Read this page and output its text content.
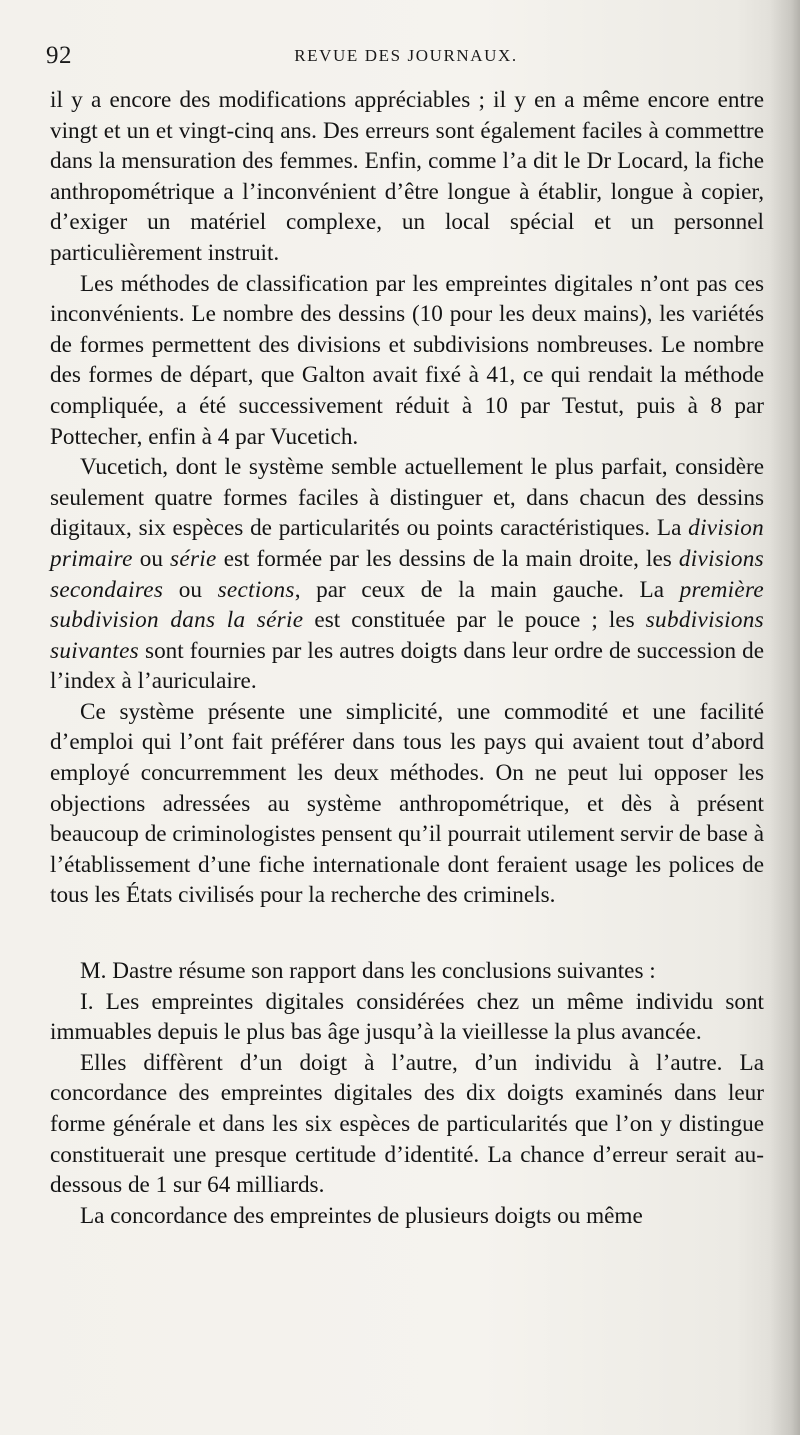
92	REVUE DES JOURNAUX.

il y a encore des modifications appréciables ; il y en a même encore entre vingt et un et vingt-cinq ans. Des erreurs sont également faciles à commettre dans la mensuration des femmes. Enfin, comme l’a dit le Dr Locard, la fiche anthropométrique a l’inconvénient d’être longue à établir, longue à copier, d’exiger un matériel complexe, un local spécial et un personnel particulièrement instruit.

Les méthodes de classification par les empreintes digitales n’ont pas ces inconvénients. Le nombre des dessins (10 pour les deux mains), les variétés de formes permettent des divisions et subdivisions nombreuses. Le nombre des formes de départ, que Galton avait fixé à 41, ce qui rendait la méthode compliquée, a été successivement réduit à 10 par Testut, puis à 8 par Pottecher, enfin à 4 par Vucetich.

Vucetich, dont le système semble actuellement le plus parfait, considère seulement quatre formes faciles à distinguer et, dans chacun des dessins digitaux, six espèces de particularités ou points caractéristiques. La division primaire ou série est formée par les dessins de la main droite, les divisions secondaires ou sections, par ceux de la main gauche. La première subdivision dans la série est constituée par le pouce ; les subdivisions suivantes sont fournies par les autres doigts dans leur ordre de succession de l’index à l’auriculaire.

Ce système présente une simplicité, une commodité et une facilité d’emploi qui l’ont fait préférer dans tous les pays qui avaient tout d’abord employé concurremment les deux méthodes. On ne peut lui opposer les objections adressées au système anthropométrique, et dès à présent beaucoup de criminologistes pensent qu’il pourrait utilement servir de base à l’établissement d’une fiche internationale dont feraient usage les polices de tous les États civilisés pour la recherche des criminels.

M. Dastre résume son rapport dans les conclusions suivantes :

I. Les empreintes digitales considérées chez un même individu sont immuables depuis le plus bas âge jusqu’à la vieillesse la plus avancée.

Elles diffèrent d’un doigt à l’autre, d’un individu à l’autre. La concordance des empreintes digitales des dix doigts examinés dans leur forme générale et dans les six espèces de particularités que l’on y distingue constituerait une presque certitude d’identité. La chance d’erreur serait au-dessous de 1 sur 64 milliards.

La concordance des empreintes de plusieurs doigts ou même
